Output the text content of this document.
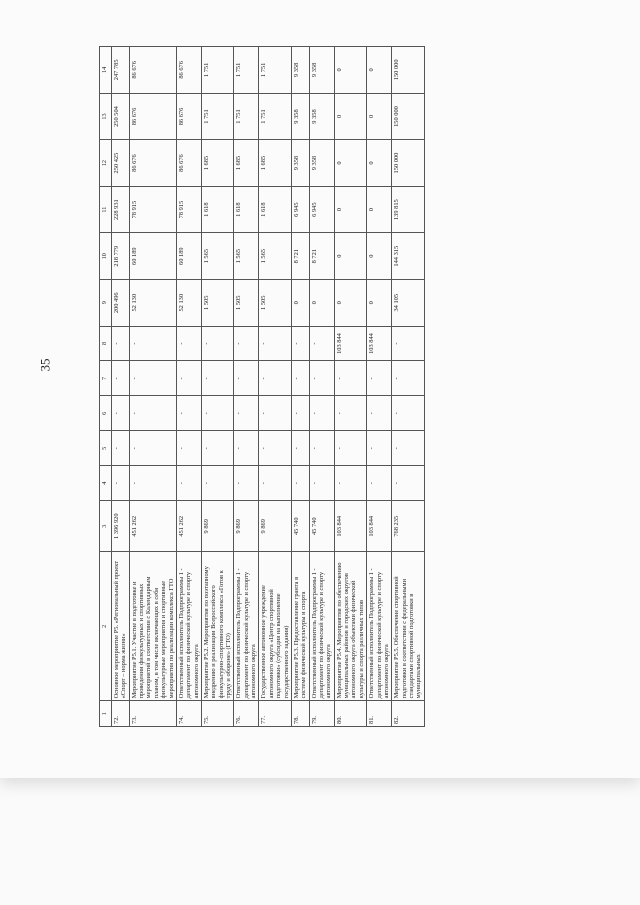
35
1	2	3	4	5	6	7	8	9	10	11	12	13	14
72.	Основное мероприятие Р5. «Региональный проект «Спорт – норма жизни»	1 396 920	-	-	-	-	-	200 496	218 779	228 931	250 425	250 504	247 785
73.	Мероприятие Р5.1. Участие в подготовке и проведении физкультурных и спортивных мероприятий в соответствии с Календарным планом, в том числе включающих в себя физкультурные мероприятия и спортивные мероприятия по реализации комплекса ГТО	451 262	-	-	-	-	-	52 130	60 189	78 915	86 676	86 676	86 676
74.	Ответственный исполнитель Подпрограммы 1 - департамент по физической культуре и спорту автономного округа	451 262	-	-	-	-	-	52 130	60 189	78 915	86 676	86 676	86 676
75.	Мероприятие Р5.2. Мероприятия по поэтапному внедрению и реализации Всероссийского физкультурно-спортивного комплекса «Готов к труду и обороне» (ГТО)	9 869	-	-	-	-	-	1 505	1 565	1 618	1 685	1 751	1 751
76.	Ответственный исполнитель Подпрограммы 1 - департамент по физической культуре и спорту автономного округа	9 869	-	-	-	-	-	1 505	1 565	1 618	1 685	1 751	1 751
77.	Государственное автономное учреждение автономного округа «Центр спортивной подготовки» (субсидия на выполнение государственного задания)	9 869	-	-	-	-	-	1 505	1 565	1 618	1 685	1 751	1 751
78.	Мероприятие Р5.3. Предоставление гранта в системе физической культуры и спорта	45 740	-	-	-	-	-	0	8 721	6 945	9 358	9 358	9 358
79.	Ответственный исполнитель Подпрограммы 1 - департамент по физической культуре и спорту автономного округа	45 740	-	-	-	-	-	0	8 721	6 945	9 358	9 358	9 358
80.	Мероприятие Р5.4. Мероприятия по обеспечению муниципальных районов и городских округов автономного округа объектами физической культуры и спорта различных типов	103 844	-	-	-	-	103 844	0	0	0	0	0	0
81.	Ответственный исполнитель Подпрограммы 1 - департамент по физической культуре и спорту автономного округа	103 844	-	-	-	-	103 844	0	0	0	0	0	0
82.	Мероприятие Р5.5. Обеспечение спортивной подготовки в соответствии с федеральными стандартами спортивной подготовки в муниципальных	768 235	-	-	-	-	-	34 105	144 315	139 815	150 000	150 000	150 000
